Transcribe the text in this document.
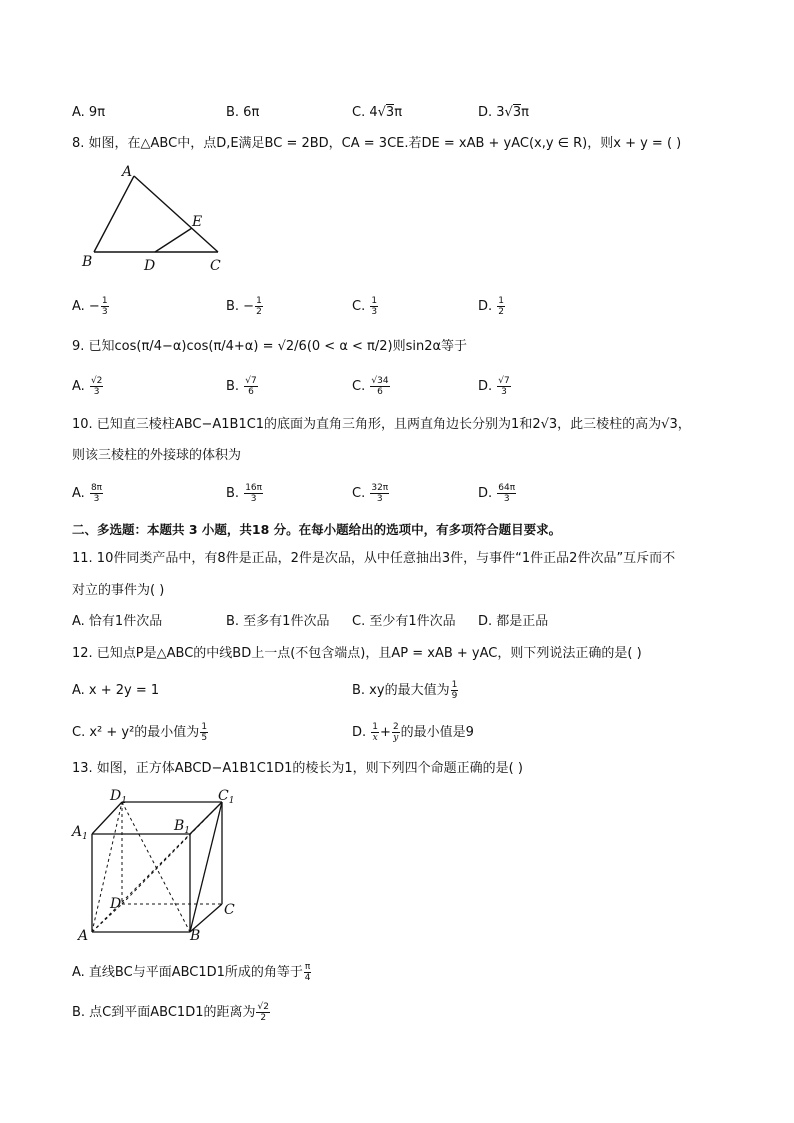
A. 9π	B. 6π	C. 4√3π	D. 3√3π
8. 如图，在△ABC中，点D,E满足BC = 2BD，CA = 3CE.若DE = xAB + yAC(x,y ∈ R)，则x + y = ( )
A
E
B	D	C
A. − $\frac{1}{3}$	B. − $\frac{1}{2}$	C. $\frac{1}{3}$	D. $\frac{1}{2}$
9. 已知cos(π/4−α)cos(π/4+α) = √2/6(0 < α < π/2)则sin2α等于
A. $\frac{√2}{3}$	B. $\frac{√7}{6}$	C. $\frac{√34}{6}$	D. $\frac{√7}{3}$
10. 已知直三棱柱ABC−A1B1C1的底面为直角三角形，且两直角边长分别为1和2√3，此三棱柱的高为√3，
则该三棱柱的外接球的体积为
A. $\frac{8\pi}{3}$	B. $\frac{16\pi}{3}$	C. $\frac{32\pi}{3}$	D. $\frac{64\pi}{3}$
二、多选题：本题共 3 小题，共18 分。在每小题给出的选项中，有多项符合题目要求。
11. 10件同类产品中，有8件是正品，2件是次品，从中任意抽出3件，与事件“1件正品2件次品”互斥而不
对立的事件为( )
A. 恰有1件次品	B. 至多有1件次品 C. 至少有1件次品 D. 都是正品
12. 已知点P是△ABC的中线BD上一点(不包含端点)，且AP = xAB + yAC，则下列说法正确的是( )
A. x + 2y = 1	B. xy的最大值为 $\frac{1}{9}$
C. x² + y²的最小值为 $\frac{1}{5}$	D. $\frac{1}{x} + \frac{2}{y}$ 的最小值是9
13. 如图，正方体ABCD−A1B1C1D1的棱长为1，则下列四个命题正确的是( )
$D_1$	$C_1$
$A_1$
$B_1$
D	C
A	B
A. 直线BC与平面ABC1D1所成的角等于 $\frac{\pi}{4}$
B. 点C到平面ABC1D1的距离为 $\frac{√2}{2}$
